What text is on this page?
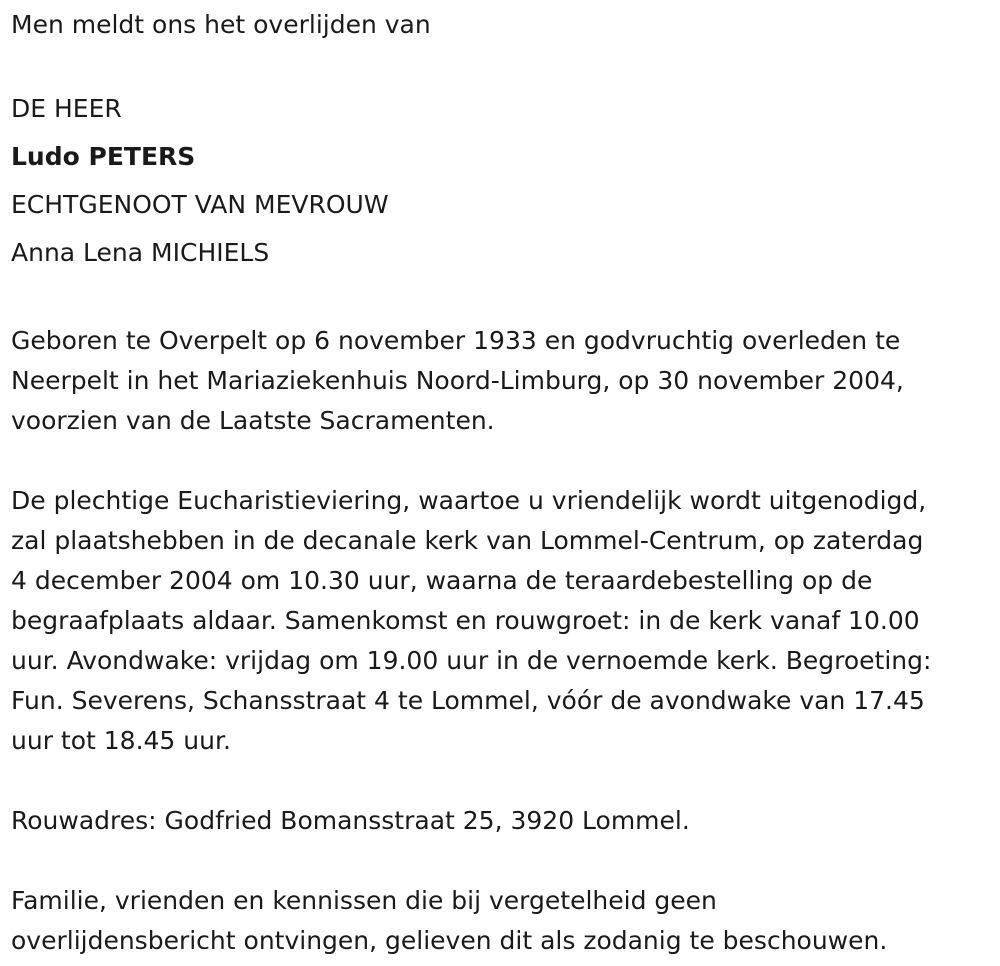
Men meldt ons het overlijden van
DE HEER
Ludo PETERS
ECHTGENOOT VAN MEVROUW
Anna Lena MICHIELS
Geboren te Overpelt op 6 november 1933 en godvruchtig overleden te
Neerpelt in het Mariaziekenhuis Noord-Limburg, op 30 november 2004,
voorzien van de Laatste Sacramenten.
De plechtige Eucharistieviering, waartoe u vriendelijk wordt uitgenodigd,
zal plaatshebben in de decanale kerk van Lommel-Centrum, op zaterdag
4 december 2004 om 10.30 uur, waarna de teraardebestelling op de
begraafplaats aldaar. Samenkomst en rouwgroet: in de kerk vanaf 10.00
uur. Avondwake: vrijdag om 19.00 uur in de vernoemde kerk. Begroeting:
Fun. Severens, Schansstraat 4 te Lommel, vóór de avondwake van 17.45
uur tot 18.45 uur.
Rouwadres: Godfried Bomansstraat 25, 3920 Lommel.
Familie, vrienden en kennissen die bij vergetelheid geen
overlijdensbericht ontvingen, gelieven dit als zodanig te beschouwen.
